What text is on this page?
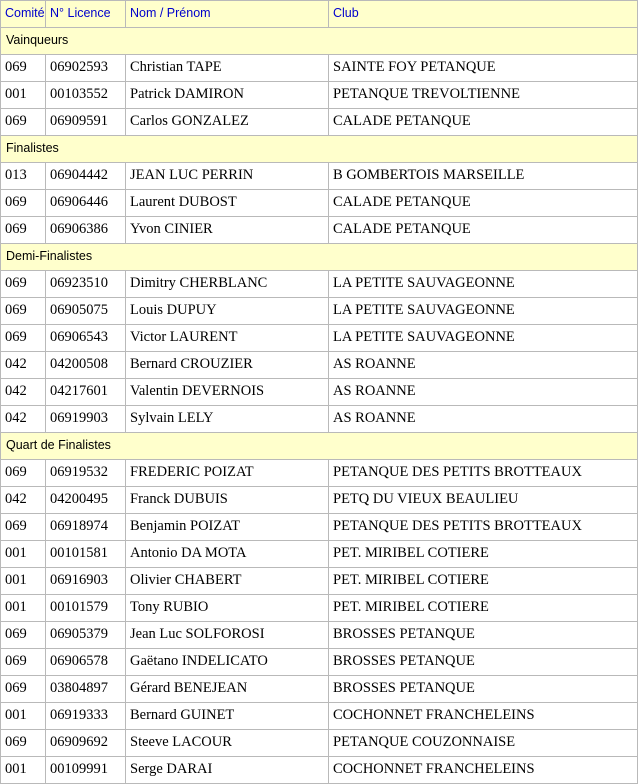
Comité	N° Licence	Nom / Prénom	Club
Vainqueurs			
069	06902593	Christian TAPE	SAINTE FOY PETANQUE
001	00103552	Patrick DAMIRON	PETANQUE TREVOLTIENNE
069	06909591	Carlos GONZALEZ	CALADE PETANQUE
Finalistes			
013	06904442	JEAN LUC PERRIN	B GOMBERTOIS MARSEILLE
069	06906446	Laurent DUBOST	CALADE PETANQUE
069	06906386	Yvon CINIER	CALADE PETANQUE
Demi-Finalistes			
069	06923510	Dimitry CHERBLANC	LA PETITE SAUVAGEONNE
069	06905075	Louis DUPUY	LA PETITE SAUVAGEONNE
069	06906543	Victor LAURENT	LA PETITE SAUVAGEONNE
042	04200508	Bernard CROUZIER	AS ROANNE
042	04217601	Valentin DEVERNOIS	AS ROANNE
042	06919903	Sylvain LELY	AS ROANNE
Quart de Finalistes			
069	06919532	FREDERIC POIZAT	PETANQUE DES PETITS BROTTEAUX
042	04200495	Franck DUBUIS	PETQ DU VIEUX BEAULIEU
069	06918974	Benjamin POIZAT	PETANQUE DES PETITS BROTTEAUX
001	00101581	Antonio DA MOTA	PET. MIRIBEL COTIERE
001	06916903	Olivier CHABERT	PET. MIRIBEL COTIERE
001	00101579	Tony RUBIO	PET. MIRIBEL COTIERE
069	06905379	Jean Luc SOLFOROSI	BROSSES PETANQUE
069	06906578	Gaëtano INDELICATO	BROSSES PETANQUE
069	03804897	Gérard BENEJEAN	BROSSES PETANQUE
001	06919333	Bernard GUINET	COCHONNET FRANCHELEINS
069	06909692	Steeve LACOUR	PETANQUE COUZONNAISE
001	00109991	Serge DARAI	COCHONNET FRANCHELEINS
